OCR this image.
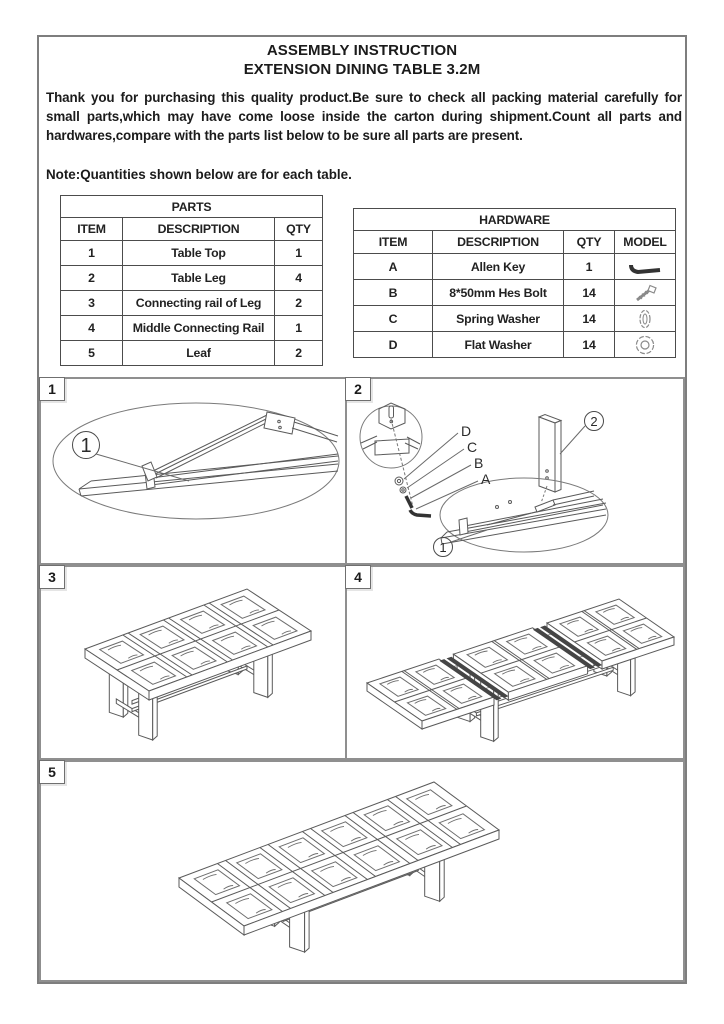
ASSEMBLY INSTRUCTION
EXTENSION DINING TABLE 3.2M
Thank you for purchasing this quality product.Be sure to check all packing material carefully for small parts,which may have come loose inside the carton during shipment.Count all parts and hardwares,compare with the parts list below to be sure all parts are present.
Note:Quantities shown below are for each table.
PARTS		
ITEM	DESCRIPTION	QTY
1	Table Top	1
2	Table Leg	4
3	Connecting rail of Leg	2
4	Middle Connecting Rail	1
5	Leaf	2
HARDWARE			
ITEM	DESCRIPTION	QTY	MODEL
A	Allen Key	1	

B	8*50mm Hes Bolt	14	

C	Spring Washer	14	

D	Flat Washer	14	
1
1
2
D
C
B
A
2
1
3	4
5
